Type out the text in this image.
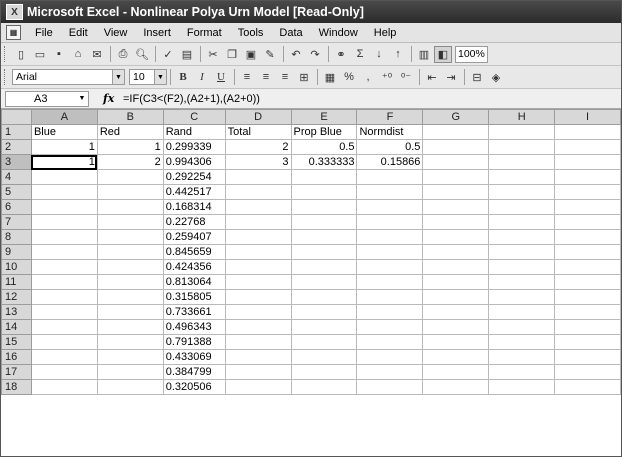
X Microsoft Excel - Nonlinear Polya Urn Model [Read-Only]
▦	File	Edit	View	Insert	Format	Tools	Data	Window	Help
▯ ▭	▪	⌂	✉	⎙ 🔍︎	✓ ▤	✂ ❐ ▣ ✎	↶ ↷	⚭ Σ	↓	↑	▥ ◧ 100%
Arial	▼ 10	▼	B	I	U	≡	≡	≡	⊞	▦ %	,	⁺⁰ ⁰⁻	⇤ ⇥	⊟ ◈
A3	▼ fx =IF(C3<(F2),(A2+1),(A2+0))
	A	B	C	D	E	F	G	H	I
1	Blue	Red	Rand	Total	Prop Blue	Normdist			
2	1	1	0.299339	2	0.5	0.5			
3	1	2	0.994306	3	0.333333	0.15866			
4			0.292254						
5			0.442517						
6			0.168314						
7			0.22768						
8			0.259407						
9			0.845659						
10			0.424356						
11			0.813064						
12			0.315805						
13			0.733661						
14			0.496343						
15			0.791388						
16			0.433069						
17			0.384799						
18			0.320506						
